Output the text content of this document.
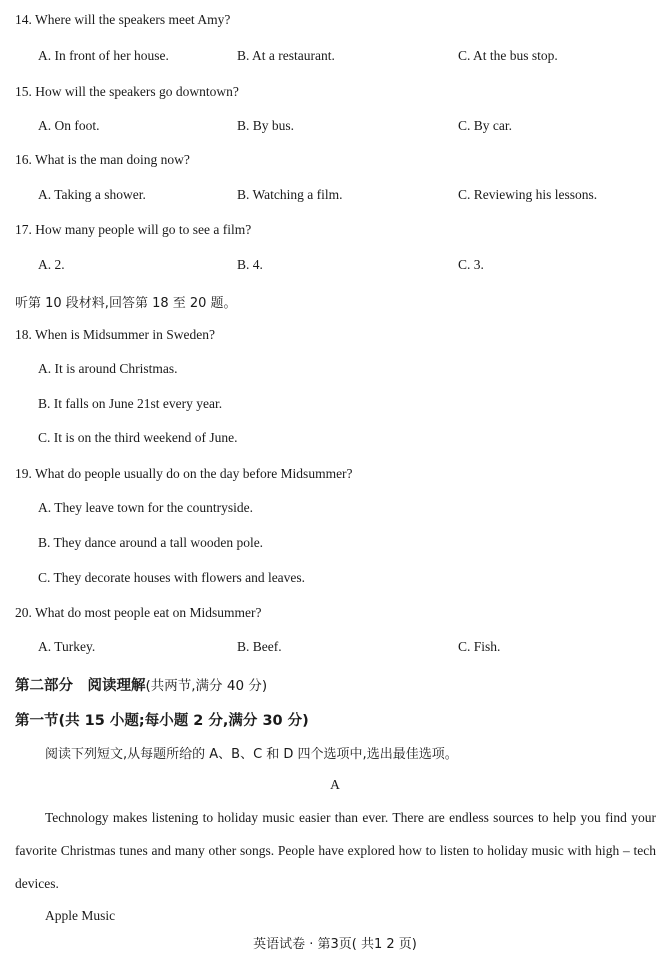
14. Where will the speakers meet Amy?
A. In front of her house.	B. At a restaurant.	C. At the bus stop.
15. How will the speakers go downtown?
A. On foot.	B. By bus.	C. By car.
16. What is the man doing now?
A. Taking a shower.	B. Watching a film.	C. Reviewing his lessons.
17. How many people will go to see a film?
A. 2.	B. 4.	C. 3.
听第 10 段材料,回答第 18 至 20 题。
18. When is Midsummer in Sweden?
A. It is around Christmas.
B. It falls on June 21st every year.
C. It is on the third weekend of June.
19. What do people usually do on the day before Midsummer?
A. They leave town for the countryside.
B. They dance around a tall wooden pole.
C. They decorate houses with flowers and leaves.
20. What do most people eat on Midsummer?
A. Turkey.	B. Beef.	C. Fish.
第二部分　阅读理解(共两节,满分 40 分)
第一节(共 15 小题;每小题 2 分,满分 30 分)
阅读下列短文,从每题所给的 A、B、C 和 D 四个选项中,选出最佳选项。
A
Technology makes listening to holiday music easier than ever. There are endless sources to help you find your favorite Christmas tunes and many other songs. People have explored how to listen to holiday music with high – tech devices.
Apple Music
英语试卷 · 第3页( 共1 2 页)
